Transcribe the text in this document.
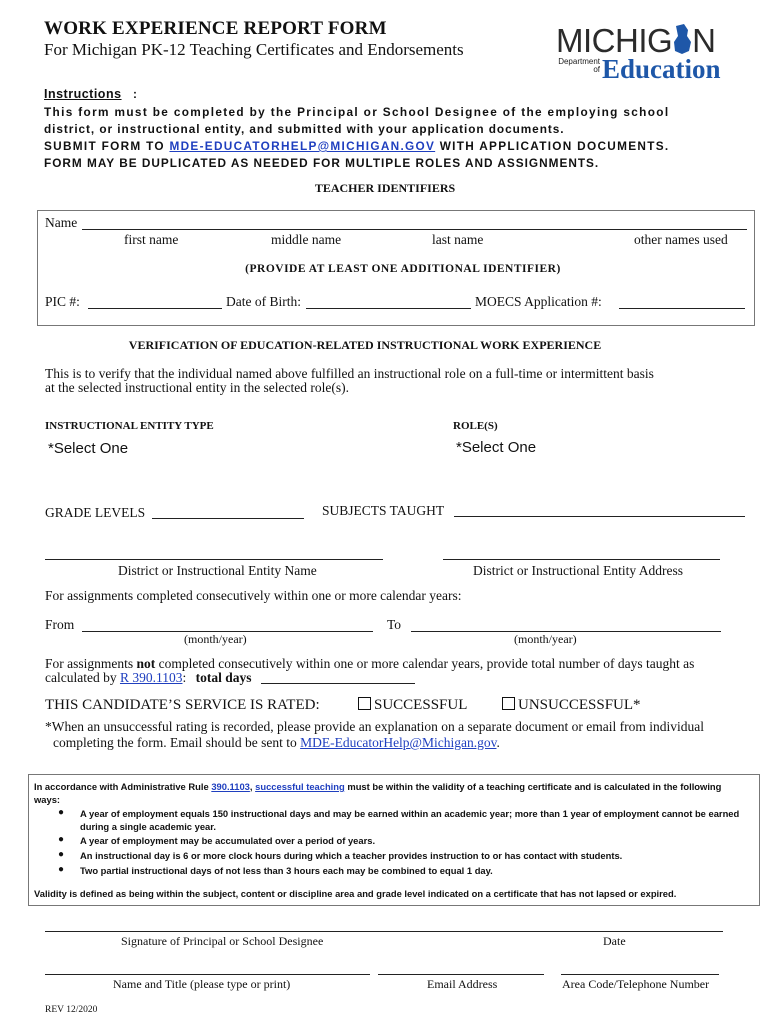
WORK EXPERIENCE REPORT FORM
For Michigan PK-12 Teaching Certificates and Endorsements	MICHIG N
Department
of Education
Instructions :
This form must be completed by the Principal or School Designee of the employing school
district, or instructional entity, and submitted with your application documents.
SUBMIT FORM TO MDE-EDUCATORHELP@MICHIGAN.GOV WITH APPLICATION DOCUMENTS.
FORM MAY BE DUPLICATED AS NEEDED FOR MULTIPLE ROLES AND ASSIGNMENTS.
TEACHER IDENTIFIERS
Name
first name	middle name	last name	other names used
(PROVIDE AT LEAST ONE ADDITIONAL IDENTIFIER)
PIC #:	Date of Birth:	MOECS Application #:
VERIFICATION OF EDUCATION-RELATED INSTRUCTIONAL WORK EXPERIENCE
This is to verify that the individual named above fulfilled an instructional role on a full-time or intermittent basis
at the selected instructional entity in the selected role(s).
INSTRUCTIONAL ENTITY TYPE
*Select One
ROLE(S)
*Select One
GRADE LEVELS	SUBJECTS TAUGHT
District or Instructional Entity Name	District or Instructional Entity Address
For assignments completed consecutively within one or more calendar years:
From	To
(month/year)	(month/year)
For assignments not completed consecutively within one or more calendar years, provide total number of days taught as
calculated by R 390.1103: total days
THIS CANDIDATE’S SERVICE IS RATED:	SUCCESSFUL	UNSUCCESSFUL*
*When an unsuccessful rating is recorded, please provide an explanation on a separate document or email from individual
completing the form. Email should be sent to MDE-EducatorHelp@Michigan.gov.
In accordance with Administrative Rule 390.1103, successful teaching must be within the validity of a teaching certificate and is calculated in the following
ways:
● A year of employment equals 150 instructional days and may be earned within an academic year; more than 1 year of employment cannot be earned
during a single academic year.
● A year of employment may be accumulated over a period of years.
● An instructional day is 6 or more clock hours during which a teacher provides instruction to or has contact with students.
● Two partial instructional days of not less than 3 hours each may be combined to equal 1 day.
Validity is defined as being within the subject, content or discipline area and grade level indicated on a certificate that has not lapsed or expired.
Signature of Principal or School Designee	Date
Name and Title (please type or print)	Email Address	Area Code/Telephone Number
REV 12/2020
